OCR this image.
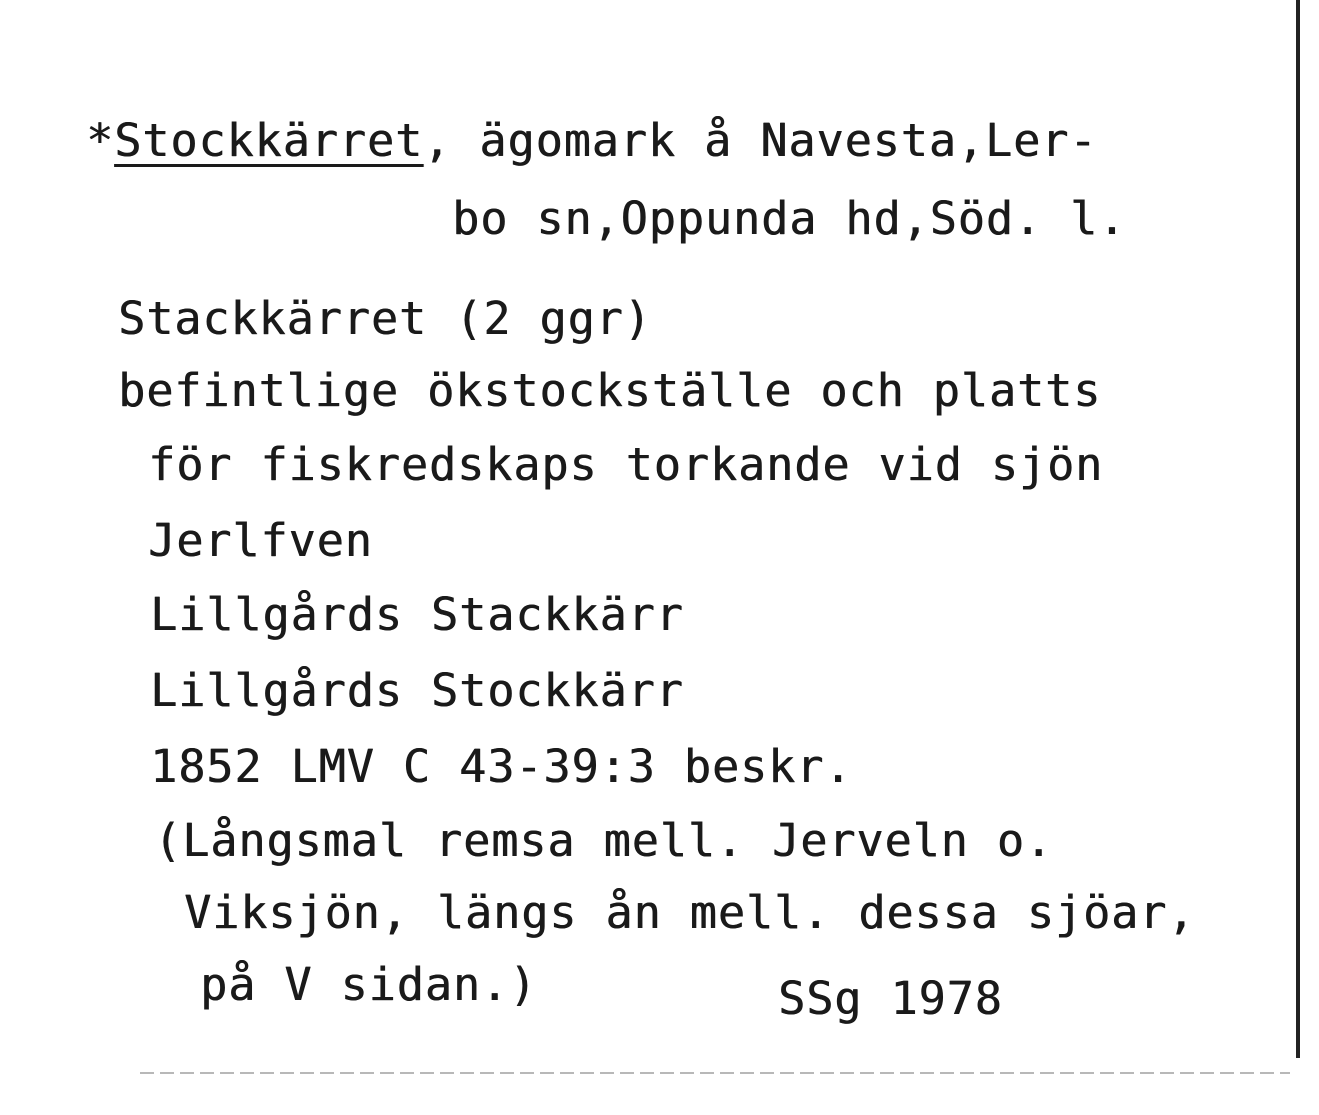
*Stockkärret, ägomark å Navesta,Ler-
bo sn,Oppunda hd,Söd. l.
Stackkärret (2 ggr)
befintlige ökstockställe och platts
för fiskredskaps torkande vid sjön
Jerlfven
Lillgårds Stackkärr
Lillgårds Stockkärr
1852 LMV C 43-39:3 beskr.
(Långsmal remsa mell. Jerveln o.
Viksjön, längs ån mell. dessa sjöar,
på V sidan.)	SSg 1978
